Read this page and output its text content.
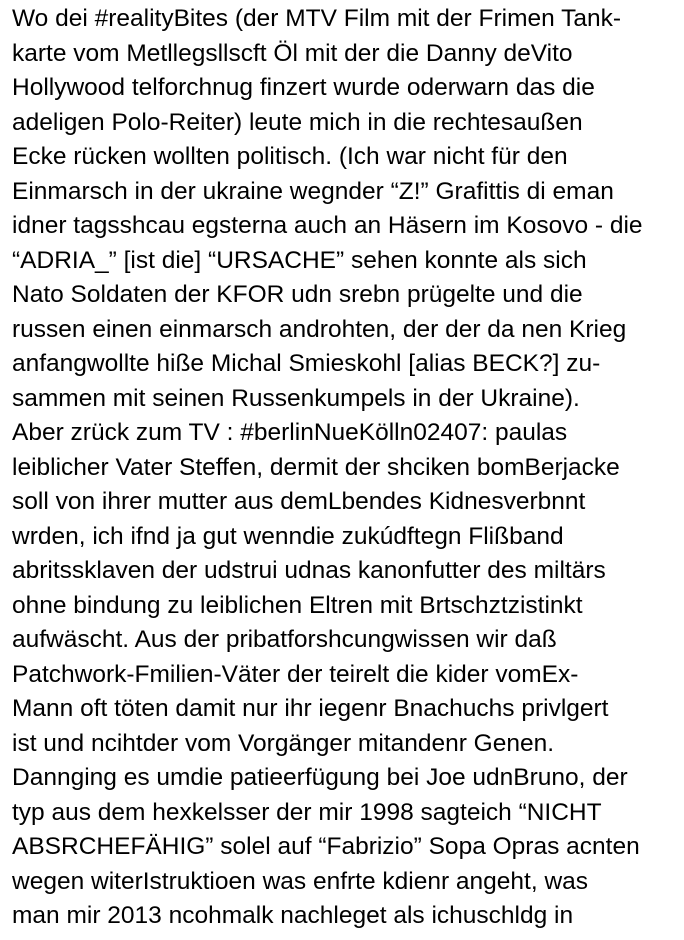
Wo dei #realityBites (der MTV Film mit der Frimen Tank-
karte vom Metllegsllscft Öl mit der die Danny deVito
Hollywood telforchnug finzert wurde oderwarn das die
adeligen Polo-Reiter) leute mich in die rechtesaußen
Ecke rücken wollten politisch. (Ich war nicht für den
Einmarsch in der ukraine wegnder “Z!” Grafittis di eman
idner tagsshcau egsterna auch an Häsern im Kosovo - die
“ADRIA_” [ist die] “URSACHE” sehen konnte als sich
Nato Soldaten der KFOR udn srebn prügelte und die
russen einen einmarsch androhten, der der da nen Krieg
anfangwollte hiße Michal Smieskohl [alias BECK?] zu-
sammen mit seinen Russenkumpels in der Ukraine).
Aber zrück zum TV : #berlinNueKölln02407: paulas
leiblicher Vater Steffen, dermit der shciken bomBerjacke
soll von ihrer mutter aus demLbendes Kidnesverbnnt
wrden, ich ifnd ja gut wenndie zukúdftegn Flißband
abritssklaven der udstrui udnas kanonfutter des miltärs
ohne bindung zu leiblichen Eltren mit Brtschztzistinkt
aufwäscht. Aus der pribatforshcungwissen wir daß
Patchwork-Fmilien-Väter der teirelt die kider vomEx-
Mann oft töten damit nur ihr iegenr Bnachuchs privlgert
ist und ncihtder vom Vorgänger mitandenr Genen.
Dannging es umdie patieerfügung bei Joe udnBruno, der
typ aus dem hexkelsser der mir 1998 sagteich “NICHT
ABSRCHEFÄHIG” solel auf “Fabrizio” Sopa Opras acnten
wegen witerIstruktioen was enfrte kdienr angeht, was
man mir 2013 ncohmalk nachleget als ichuschldg in
